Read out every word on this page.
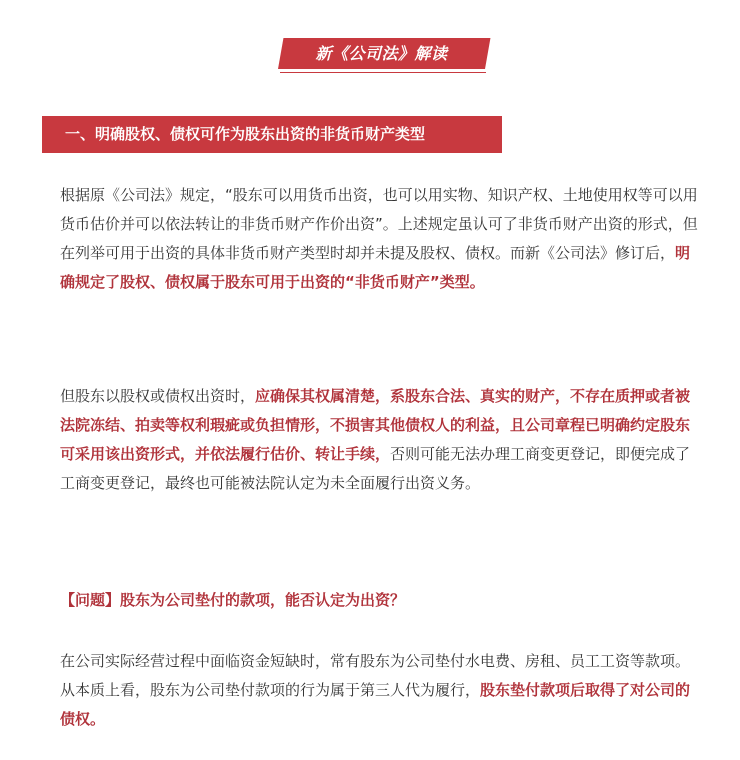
新《公司法》解读
一、明确股权、债权可作为股东出资的非货币财产类型

根据原《公司法》规定，“股东可以用货币出资，也可以用实物、知识产权、土地使用权等可以用货币估价并可以依法转让的非货币财产作价出资”。上述规定虽认可了非货币财产出资的形式，但在列举可用于出资的具体非货币财产类型时却并未提及股权、债权。而新《公司法》修订后，明确规定了股权、债权属于股东可用于出资的“非货币财产”类型。

但股东以股权或债权出资时，应确保其权属清楚，系股东合法、真实的财产，不存在质押或者被法院冻结、拍卖等权利瑕疵或负担情形，不损害其他债权人的利益，且公司章程已明确约定股东可采用该出资形式，并依法履行估价、转让手续，否则可能无法办理工商变更登记，即便完成了工商变更登记，最终也可能被法院认定为未全面履行出资义务。

【问题】股东为公司垫付的款项，能否认定为出资？

在公司实际经营过程中面临资金短缺时，常有股东为公司垫付水电费、房租、员工工资等款项。从本质上看，股东为公司垫付款项的行为属于第三人代为履行，股东垫付款项后取得了对公司的债权。
